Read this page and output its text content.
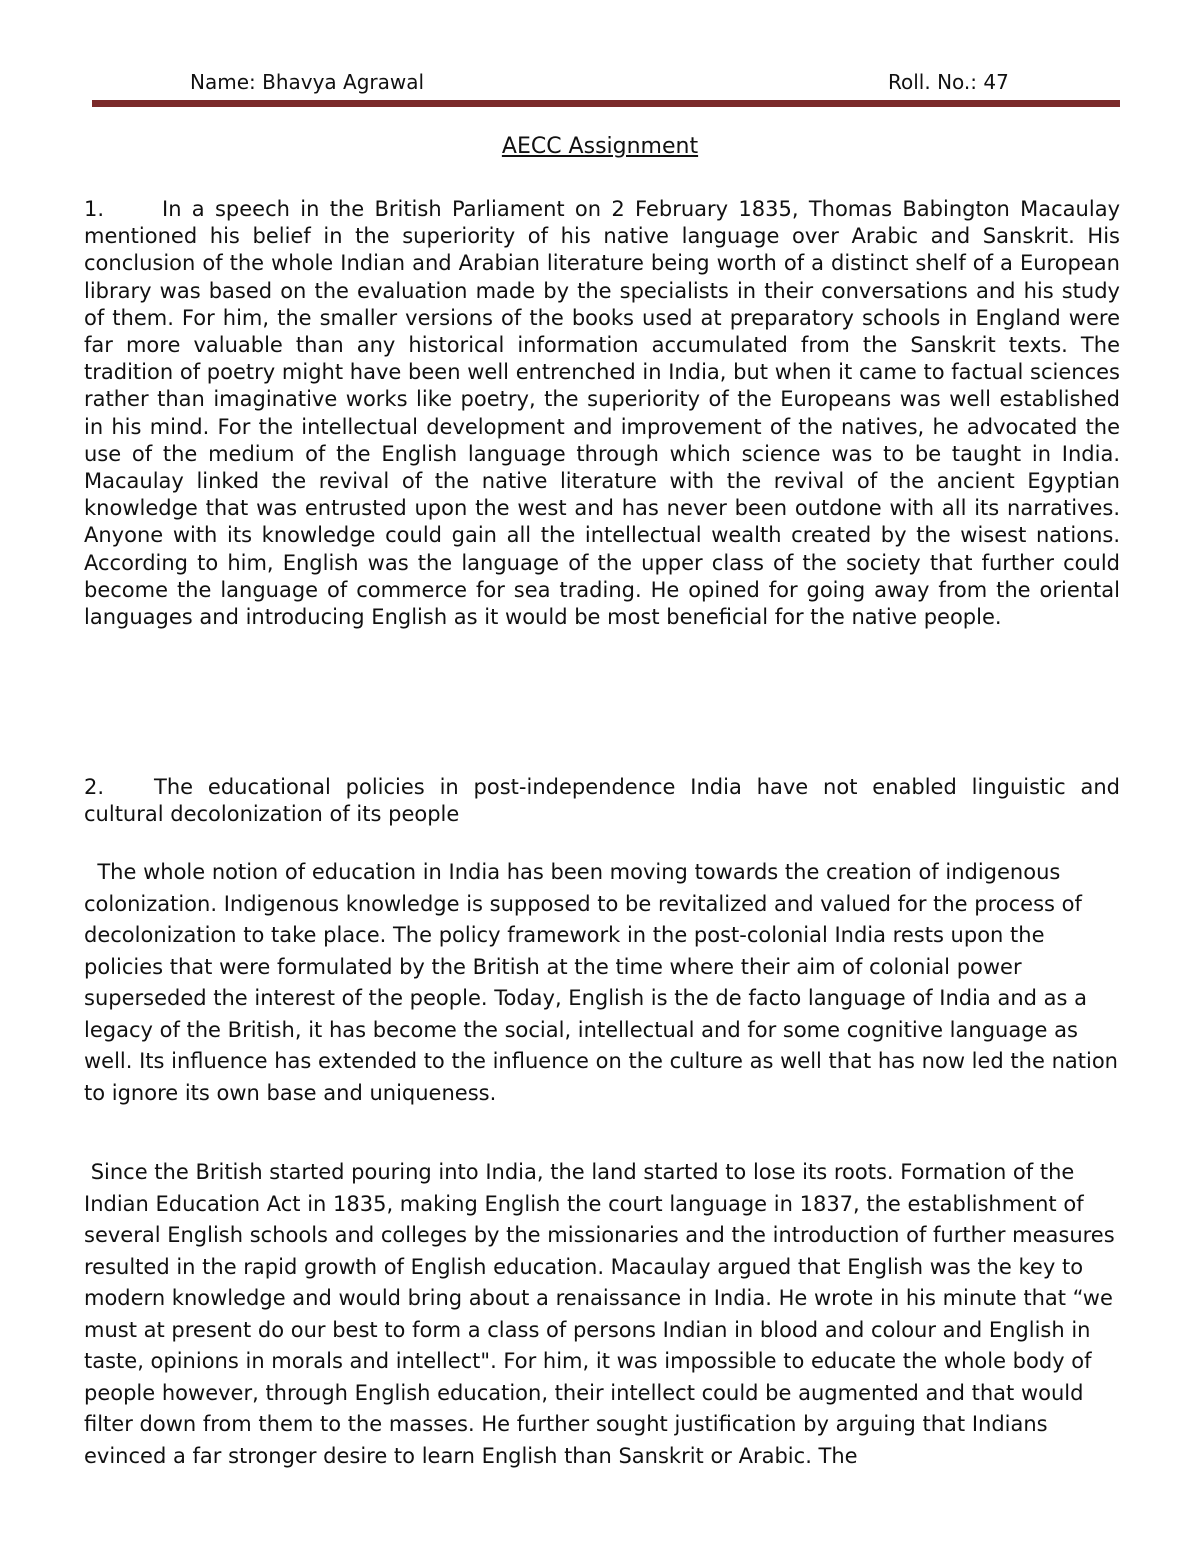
Name: Bhavya Agrawal	Roll. No.: 47
AECC Assignment
1.	In a speech in the British Parliament on 2 February 1835, Thomas Babington Macaulay mentioned his belief in the superiority of his native language over Arabic and Sanskrit. His conclusion of the whole Indian and Arabian literature being worth of a distinct shelf of a European library was based on the evaluation made by the specialists in their conversations and his study of them. For him, the smaller versions of the books used at preparatory schools in England were far more valuable than any historical information accumulated from the Sanskrit texts. The tradition of poetry might have been well entrenched in India, but when it came to factual sciences rather than imaginative works like poetry, the superiority of the Europeans was well established in his mind. For the intellectual development and improvement of the natives, he advocated the use of the medium of the English language through which science was to be taught in India. Macaulay linked the revival of the native literature with the revival of the ancient Egyptian knowledge that was entrusted upon the west and has never been outdone with all its narratives. Anyone with its knowledge could gain all the intellectual wealth created by the wisest nations. According to him, English was the language of the upper class of the society that further could become the language of commerce for sea trading. He opined for going away from the oriental languages and introducing English as it would be most beneficial for the native people.
2. The educational policies in post-independence India have not enabled linguistic and cultural decolonization of its people
The whole notion of education in India has been moving towards the creation of indigenous colonization. Indigenous knowledge is supposed to be revitalized and valued for the process of decolonization to take place. The policy framework in the post-colonial India rests upon the policies that were formulated by the British at the time where their aim of colonial power superseded the interest of the people. Today, English is the de facto language of India and as a legacy of the British, it has become the social, intellectual and for some cognitive language as well. Its influence has extended to the influence on the culture as well that has now led the nation to ignore its own base and uniqueness.
Since the British started pouring into India, the land started to lose its roots. Formation of the Indian Education Act in 1835, making English the court language in 1837, the establishment of several English schools and colleges by the missionaries and the introduction of further measures resulted in the rapid growth of English education. Macaulay argued that English was the key to modern knowledge and would bring about a renaissance in India. He wrote in his minute that “we must at present do our best to form a class of persons Indian in blood and colour and English in taste, opinions in morals and intellect". For him, it was impossible to educate the whole body of people however, through English education, their intellect could be augmented and that would filter down from them to the masses. He further sought justification by arguing that Indians evinced a far stronger desire to learn English than Sanskrit or Arabic. The
